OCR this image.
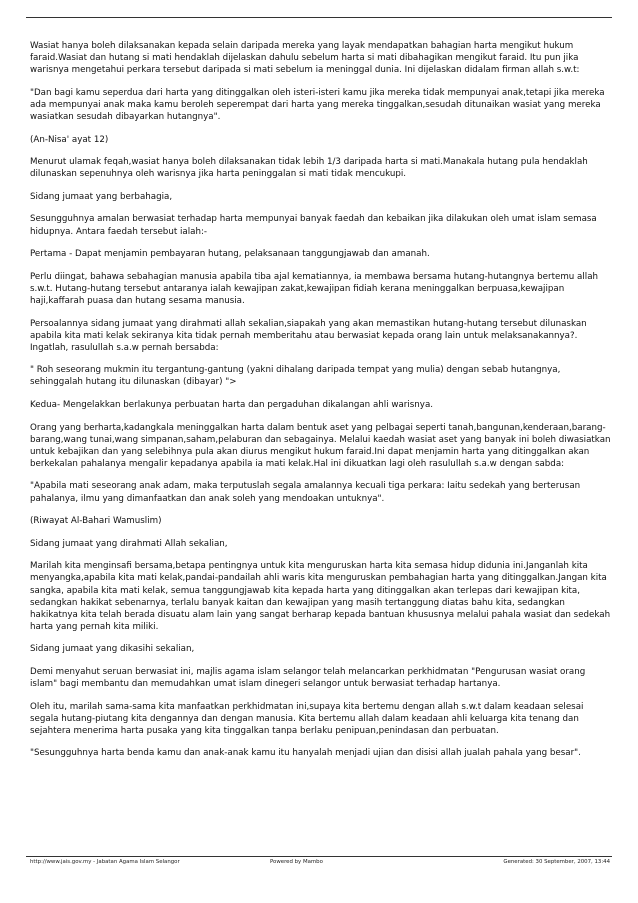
Wasiat hanya boleh dilaksanakan kepada selain daripada mereka yang layak mendapatkan bahagian harta mengikut hukum faraid.Wasiat dan hutang si mati hendaklah dijelaskan dahulu sebelum harta si mati dibahagikan mengikut faraid. Itu pun jika warisnya mengetahui perkara tersebut daripada si mati sebelum ia meninggal dunia. Ini dijelaskan didalam firman allah s.w.t:

"Dan bagi kamu seperdua dari harta yang ditinggalkan oleh isteri-isteri kamu jika mereka tidak mempunyai anak,tetapi jika mereka ada mempunyai anak maka kamu beroleh seperempat dari harta yang mereka tinggalkan,sesudah ditunaikan wasiat yang mereka wasiatkan sesudah dibayarkan hutangnya".

(An-Nisa' ayat 12)

Menurut ulamak feqah,wasiat hanya boleh dilaksanakan tidak lebih 1/3 daripada harta si mati.Manakala hutang pula hendaklah dilunaskan sepenuhnya oleh warisnya jika harta peninggalan si mati tidak mencukupi.

Sidang jumaat yang berbahagia,

Sesungguhnya amalan berwasiat terhadap harta mempunyai banyak faedah dan kebaikan jika dilakukan oleh umat islam semasa hidupnya. Antara faedah tersebut ialah:-

Pertama - Dapat menjamin pembayaran hutang, pelaksanaan tanggungjawab dan amanah.

Perlu diingat, bahawa sebahagian manusia apabila tiba ajal kematiannya, ia membawa bersama hutang-hutangnya bertemu allah s.w.t. Hutang-hutang tersebut antaranya ialah kewajipan zakat,kewajipan fidiah kerana meninggalkan berpuasa,kewajipan haji,kaffarah puasa dan hutang sesama manusia.

Persoalannya sidang jumaat yang dirahmati allah sekalian,siapakah yang akan memastikan hutang-hutang tersebut dilunaskan apabila kita mati kelak sekiranya kita tidak pernah memberitahu atau berwasiat kepada orang lain untuk melaksanakannya?. Ingatlah, rasulullah s.a.w pernah bersabda:

" Roh seseorang mukmin itu tergantung-gantung (yakni dihalang daripada tempat yang mulia) dengan sebab hutangnya, sehinggalah hutang itu dilunaskan (dibayar) ">

Kedua- Mengelakkan berlakunya perbuatan harta dan pergaduhan dikalangan ahli warisnya.

Orang yang berharta,kadangkala meninggalkan harta dalam bentuk aset yang pelbagai seperti tanah,bangunan,kenderaan,barang-barang,wang tunai,wang simpanan,saham,pelaburan dan sebagainya. Melalui kaedah wasiat aset yang banyak ini boleh diwasiatkan untuk kebajikan dan yang selebihnya pula akan diurus mengikut hukum faraid.Ini dapat menjamin harta yang ditinggalkan akan berkekalan pahalanya mengalir kepadanya apabila ia mati kelak.Hal ini dikuatkan lagi oleh rasulullah s.a.w dengan sabda:

"Apabila mati seseorang anak adam, maka terputuslah segala amalannya kecuali tiga perkara: Iaitu sedekah yang berterusan pahalanya, ilmu yang dimanfaatkan dan anak soleh yang mendoakan untuknya".

(Riwayat Al-Bahari Wamuslim)

Sidang jumaat yang dirahmati Allah sekalian,

Marilah kita menginsafi bersama,betapa pentingnya untuk kita menguruskan harta kita semasa hidup didunia ini.Janganlah kita menyangka,apabila kita mati kelak,pandai-pandailah ahli waris kita menguruskan pembahagian harta yang ditinggalkan.Jangan kita sangka, apabila kita mati kelak, semua tanggungjawab kita kepada harta yang ditinggalkan akan terlepas dari kewajipan kita, sedangkan hakikat sebenarnya, terlalu banyak kaitan dan kewajipan yang masih tertanggung diatas bahu kita, sedangkan hakikatnya kita telah berada disuatu alam lain yang sangat berharap kepada bantuan khususnya melalui pahala wasiat dan sedekah harta yang pernah kita miliki.

Sidang jumaat yang dikasihi sekalian,

Demi menyahut seruan berwasiat ini, majlis agama islam selangor telah melancarkan perkhidmatan "Pengurusan wasiat orang islam" bagi membantu dan memudahkan umat islam dinegeri selangor untuk berwasiat terhadap hartanya.

Oleh itu, marilah sama-sama kita manfaatkan perkhidmatan ini,supaya kita bertemu dengan allah s.w.t dalam keadaan selesai segala hutang-piutang kita dengannya dan dengan manusia. Kita bertemu allah dalam keadaan ahli keluarga kita tenang dan sejahtera menerima harta pusaka yang kita tinggalkan tanpa berlaku penipuan,penindasan dan perbuatan.

"Sesungguhnya harta benda kamu dan anak-anak kamu itu hanyalah menjadi ujian dan disisi allah jualah pahala yang besar".

http://www.jais.gov.my - Jabatan Agama Islam Selangor	Powered by Mambo	Generated: 30 September, 2007, 13:44
